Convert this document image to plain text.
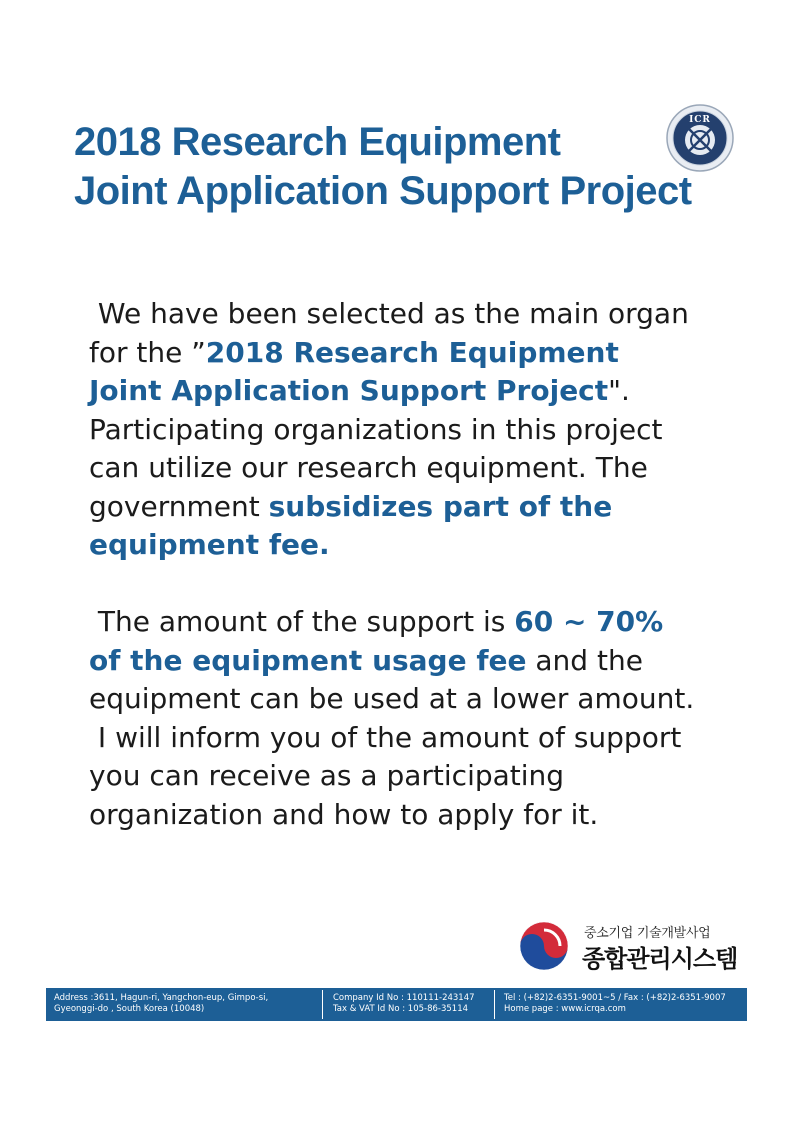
2018 Research Equipment
Joint Application Support Project
ICR
We have been selected as the main organ for the ”2018 Research Equipment Joint Application Support Project". Participating organizations in this project can utilize our research equipment. The government subsidizes part of the equipment fee.
The amount of the support is 60 ~ 70% of the equipment usage fee and the equipment can be used at a lower amount.
I will inform you of the amount of support you can receive as a participating organization and how to apply for it.
중소기업 기술개발사업
종합관리시스템
Address :3611, Hagun-ri, Yangchon-eup, Gimpo-si,
Gyeonggi-do , South Korea (10048)
Company Id No : 110111-243147
Tax & VAT Id No : 105-86-35114
Tel : (+82)2-6351-9001~5 / Fax : (+82)2-6351-9007
Home page : www.icrqa.com
